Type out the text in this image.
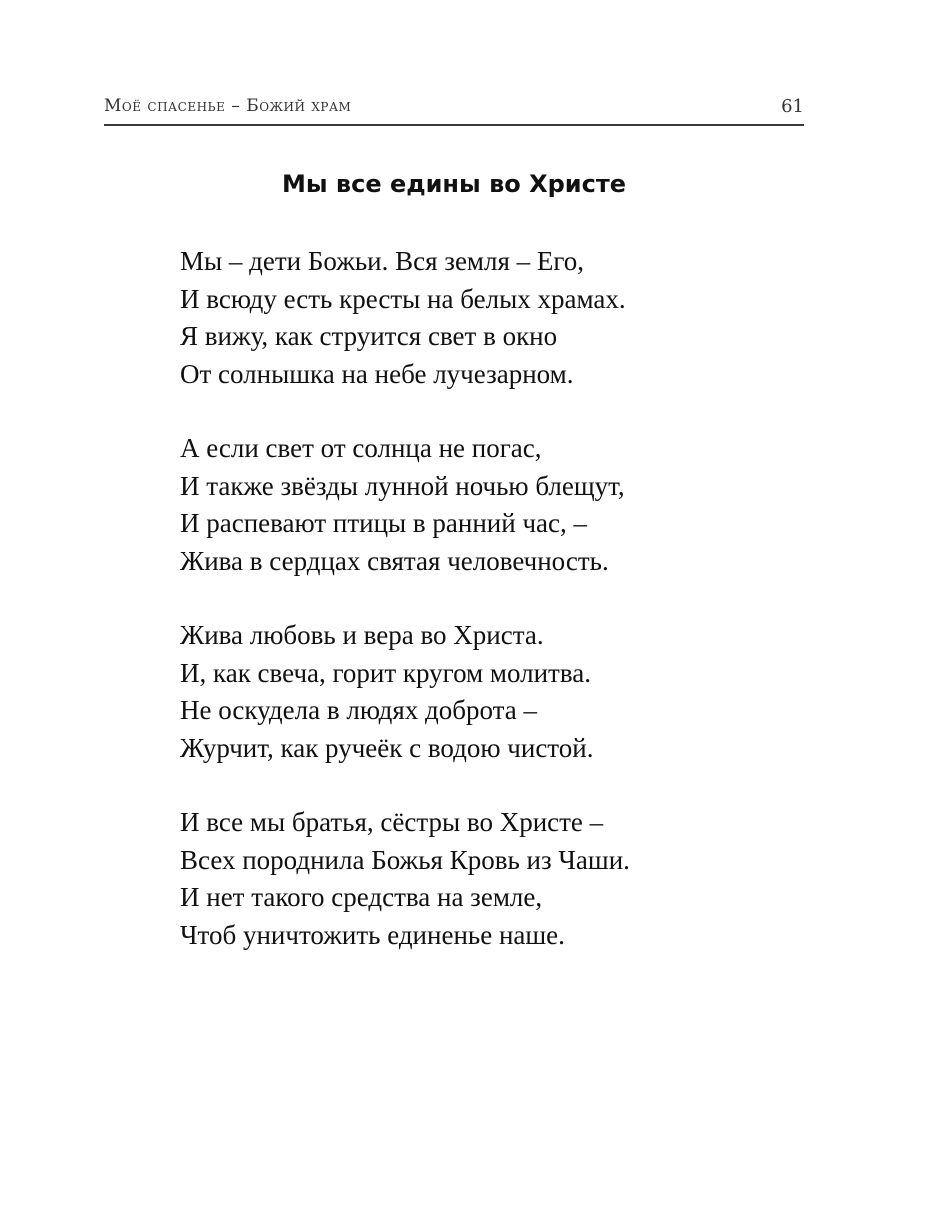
Моё спасенье – Божий храм	61
Мы все едины во Христе
Мы – дети Божьи. Вся земля – Его,
И всюду есть кресты на белых храмах.
Я вижу, как струится свет в окно
От солнышка на небе лучезарном.
А если свет от солнца не погас,
И также звёзды лунной ночью блещут,
И распевают птицы в ранний час, –
Жива в сердцах святая человечность.
Жива любовь и вера во Христа.
И, как свеча, горит кругом молитва.
Не оскудела в людях доброта –
Журчит, как ручеёк с водою чистой.
И все мы братья, сёстры во Христе –
Всех породнила Божья Кровь из Чаши.
И нет такого средства на земле,
Чтоб уничтожить единенье наше.
